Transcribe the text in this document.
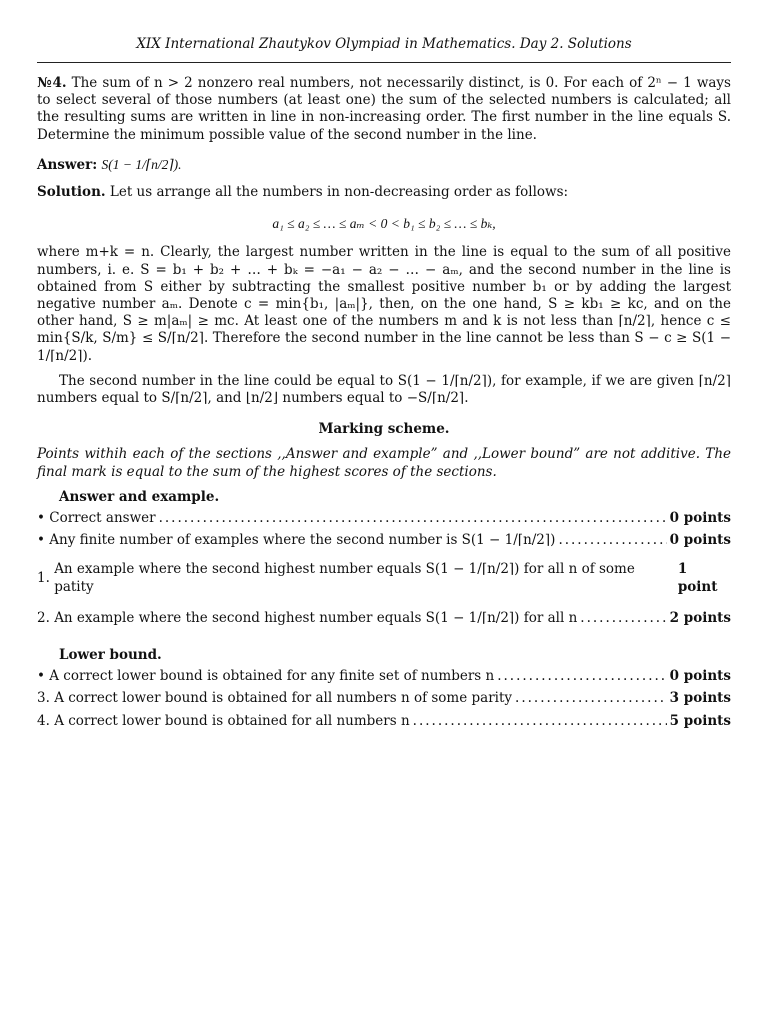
XIX International Zhautykov Olympiad in Mathematics. Day 2. Solutions

№4. The sum of n > 2 nonzero real numbers, not necessarily distinct, is 0. For each of 2ⁿ − 1 ways to select several of those numbers (at least one) the sum of the selected numbers is calculated; all the resulting sums are written in line in non-increasing order. The first number in the line equals S. Determine the minimum possible value of the second number in the line.

Answer: S(1 − 1/⌈n/2⌉).

Solution. Let us arrange all the numbers in non-decreasing order as follows:

a₁ ≤ a₂ ≤ … ≤ aₘ < 0 < b₁ ≤ b₂ ≤ … ≤ bₖ,

where m+k = n. Clearly, the largest number written in the line is equal to the sum of all positive numbers, i. e. S = b₁ + b₂ + … + bₖ = −a₁ − a₂ − … − aₘ, and the second number in the line is obtained from S either by subtracting the smallest positive number b₁ or by adding the largest negative number aₘ. Denote c = min{b₁, |aₘ|}, then, on the one hand, S ≥ kb₁ ≥ kc, and on the other hand, S ≥ m|aₘ| ≥ mc. At least one of the numbers m and k is not less than ⌈n/2⌉, hence c ≤ min{S/k, S/m} ≤ S/⌈n/2⌉. Therefore the second number in the line cannot be less than S − c ≥ S(1 − 1/⌈n/2⌉).

The second number in the line could be equal to S(1 − 1/⌈n/2⌉), for example, if we are given ⌈n/2⌉ numbers equal to S/⌈n/2⌉, and ⌊n/2⌋ numbers equal to −S/⌈n/2⌉.

Marking scheme.

Points withih each of the sections ,,Answer and example” and ,,Lower bound” are not additive. The final mark is equal to the sum of the highest scores of the sections.

Answer and example.
•
Correct answer .....	0 points
•
Any finite number of examples where the second number is S(1 − 1/⌈n/2⌉) .....	0 points
1.

An example where the second highest number equals S(1 − 1/⌈n/2⌉) for all n of some patity
1 point
2.
An example where the second highest number equals S(1 − 1/⌈n/2⌉) for all n .....	2 points
Lower bound.
•
A correct lower bound is obtained for any finite set of numbers n .....	0 points
3.
A correct lower bound is obtained for all numbers n of some parity .....	3 points
4.
A correct lower bound is obtained for all numbers n .....	5 points
